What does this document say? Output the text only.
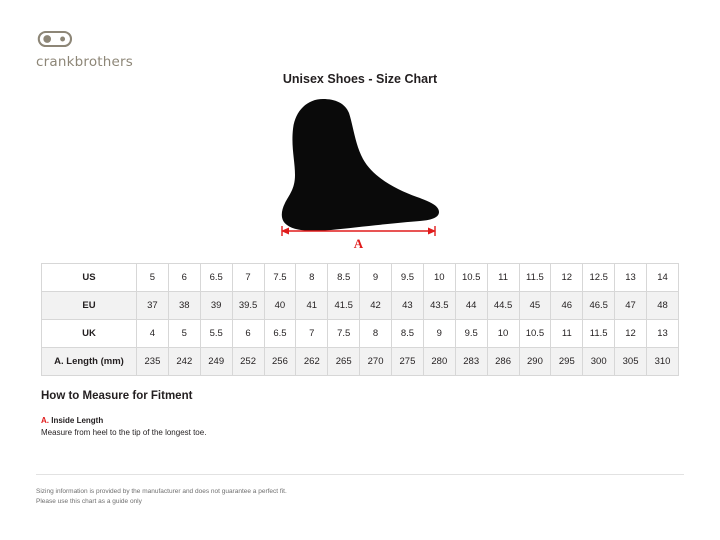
crankbrothers
Unisex Shoes - Size Chart
A
US	5	6	6.5	7	7.5	8	8.5	9	9.5	10	10.5	11	11.5	12	12.5	13	14
EU	37	38	39	39.5	40	41	41.5	42	43	43.5	44	44.5	45	46	46.5	47	48
UK	4	5	5.5	6	6.5	7	7.5	8	8.5	9	9.5	10	10.5	11	11.5	12	13
A. Length (mm)	235	242	249	252	256	262	265	270	275	280	283	286	290	295	300	305	310
How to Measure for Fitment
A. Inside Length
Measure from heel to the tip of the longest toe.
Sizing information is provided by the manufacturer and does not guarantee a perfect fit.
Please use this chart as a guide only
